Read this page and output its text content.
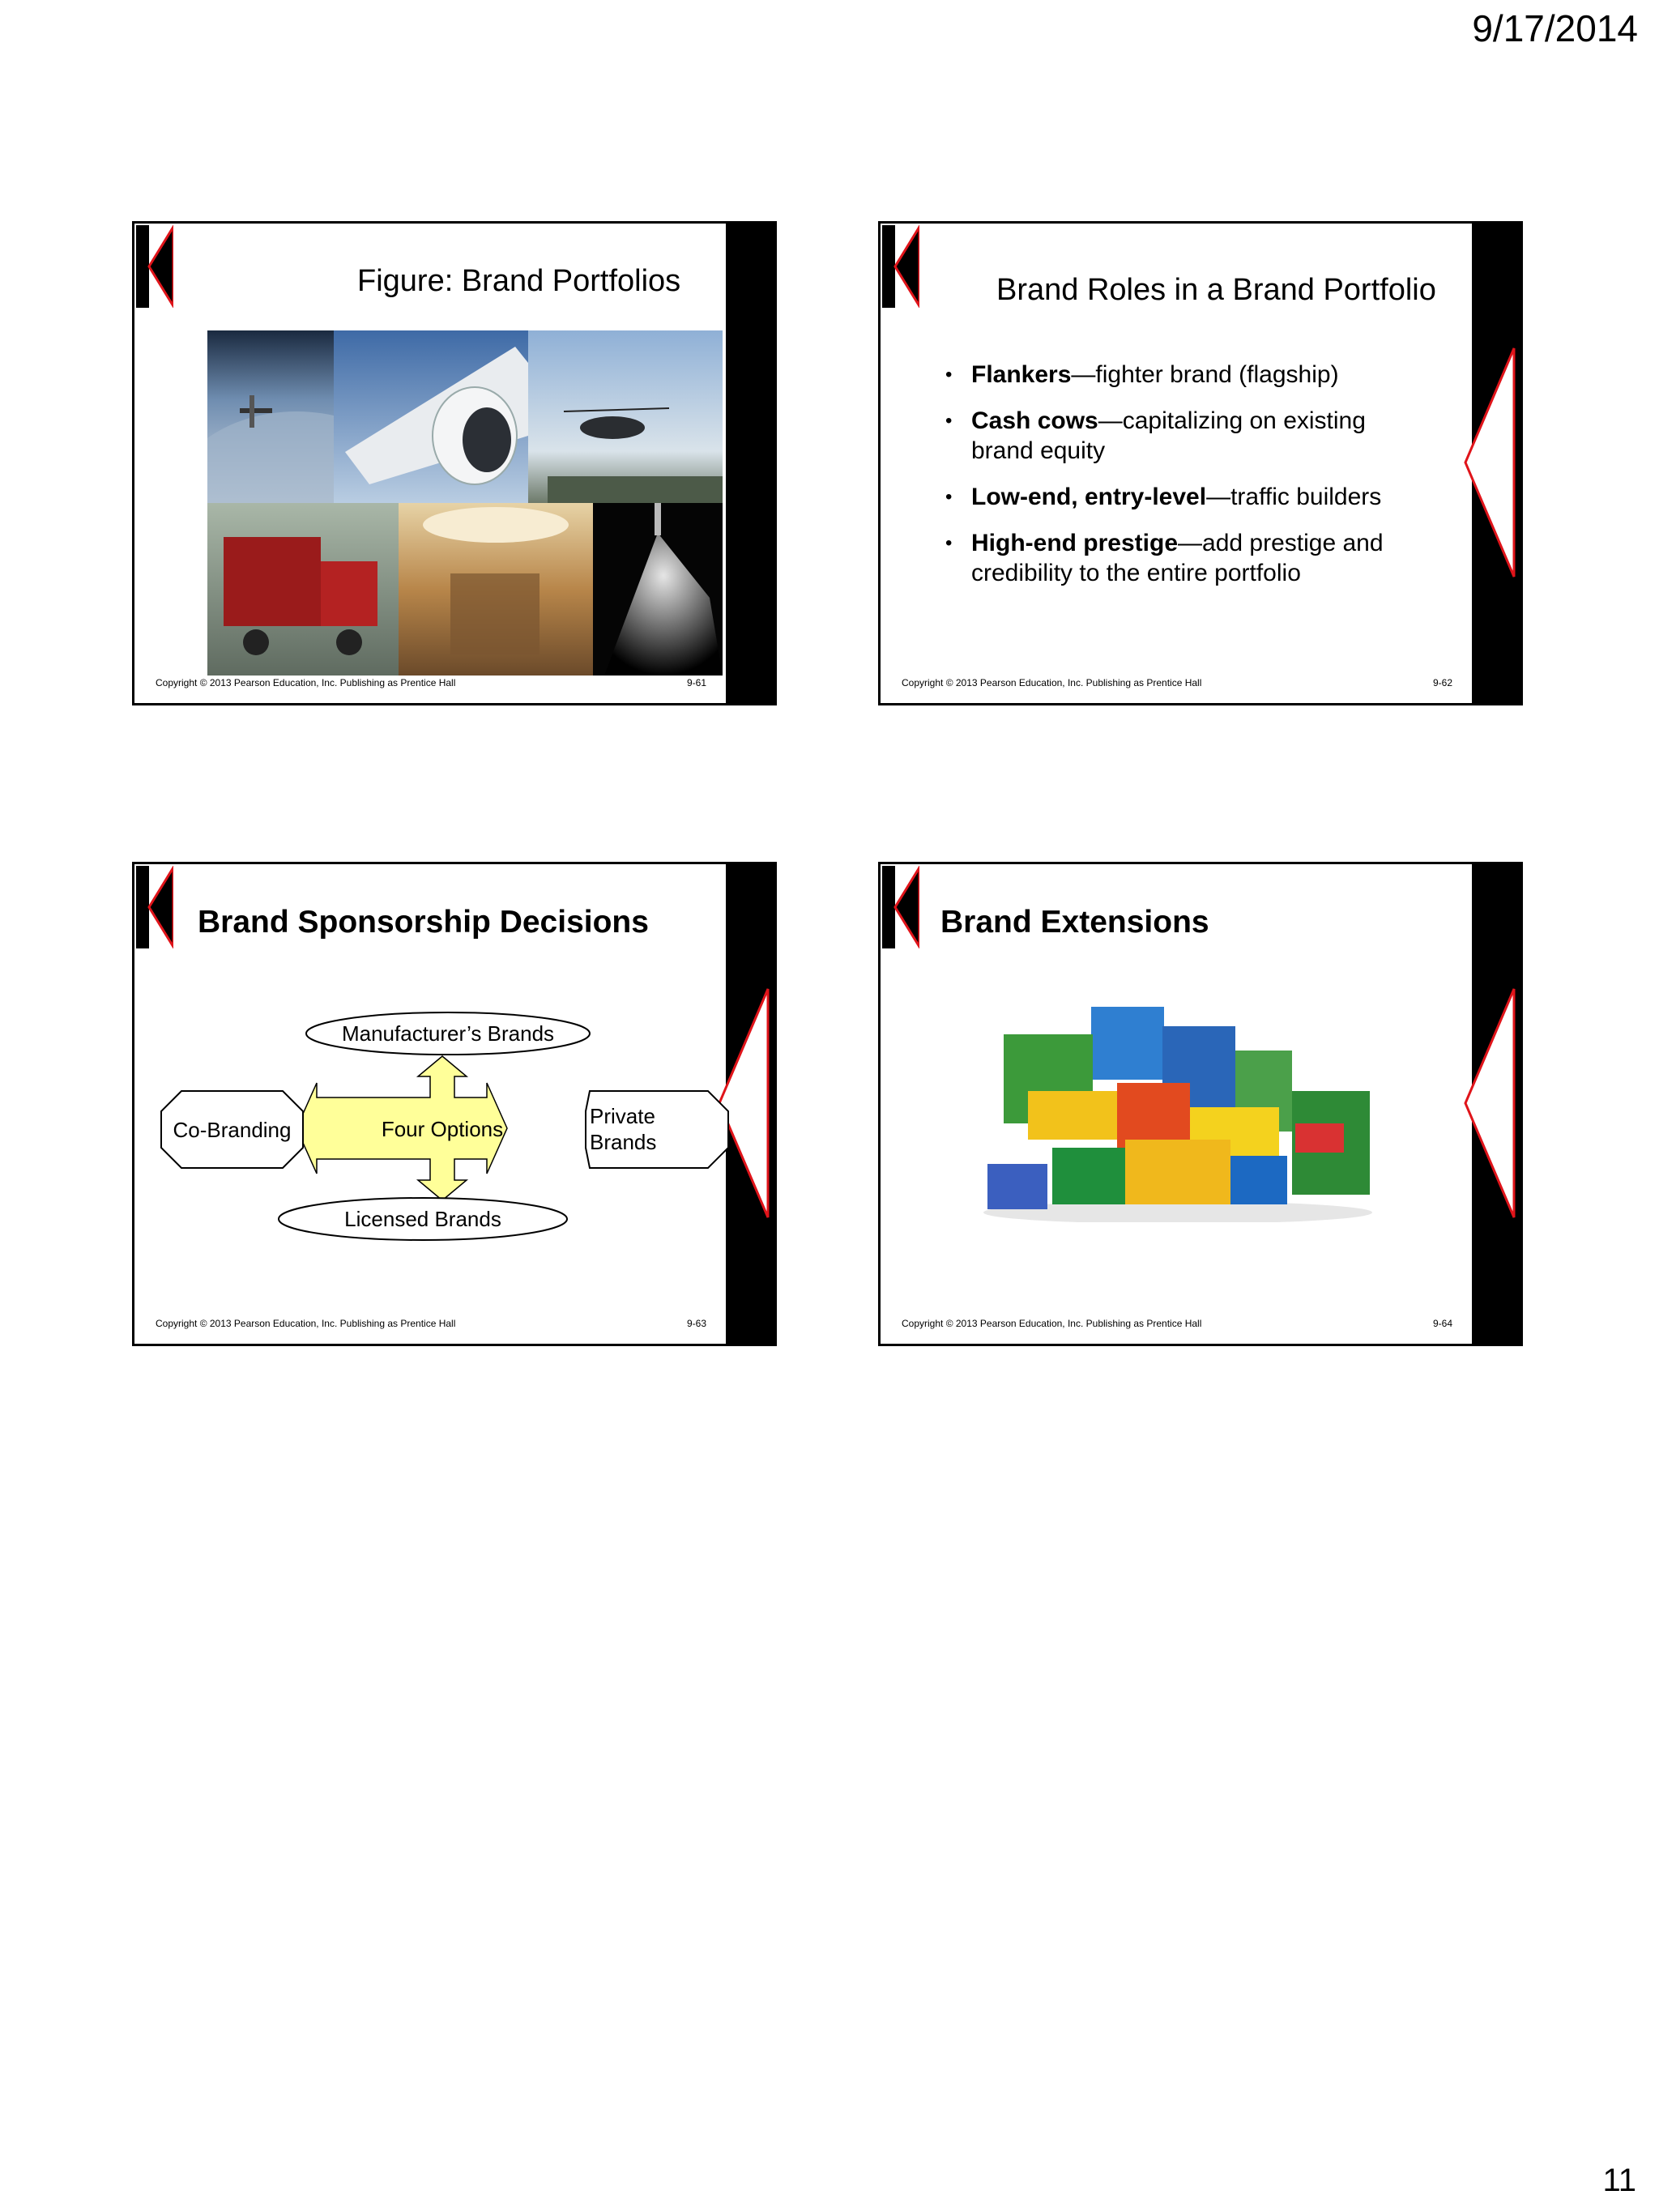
9/17/2014
Figure: Brand Portfolios
Copyright © 2013 Pearson Education, Inc. Publishing as Prentice Hall	9-61
Brand Roles in a Brand Portfolio
• Flankers—fighter brand (flagship)
• Cash cows—capitalizing on existing brand equity
• Low-end, entry-level—traffic builders
• High-end prestige—add prestige and credibility to the entire portfolio
Copyright © 2013 Pearson Education, Inc. Publishing as Prentice Hall	9-62
Brand Sponsorship Decisions
Four Options
Manufacturer’s Brands
Licensed Brands
Co-Branding
Private
Brands
Copyright © 2013 Pearson Education, Inc. Publishing as Prentice Hall	9-63
Brand Extensions
Copyright © 2013 Pearson Education, Inc. Publishing as Prentice Hall	9-64
11
